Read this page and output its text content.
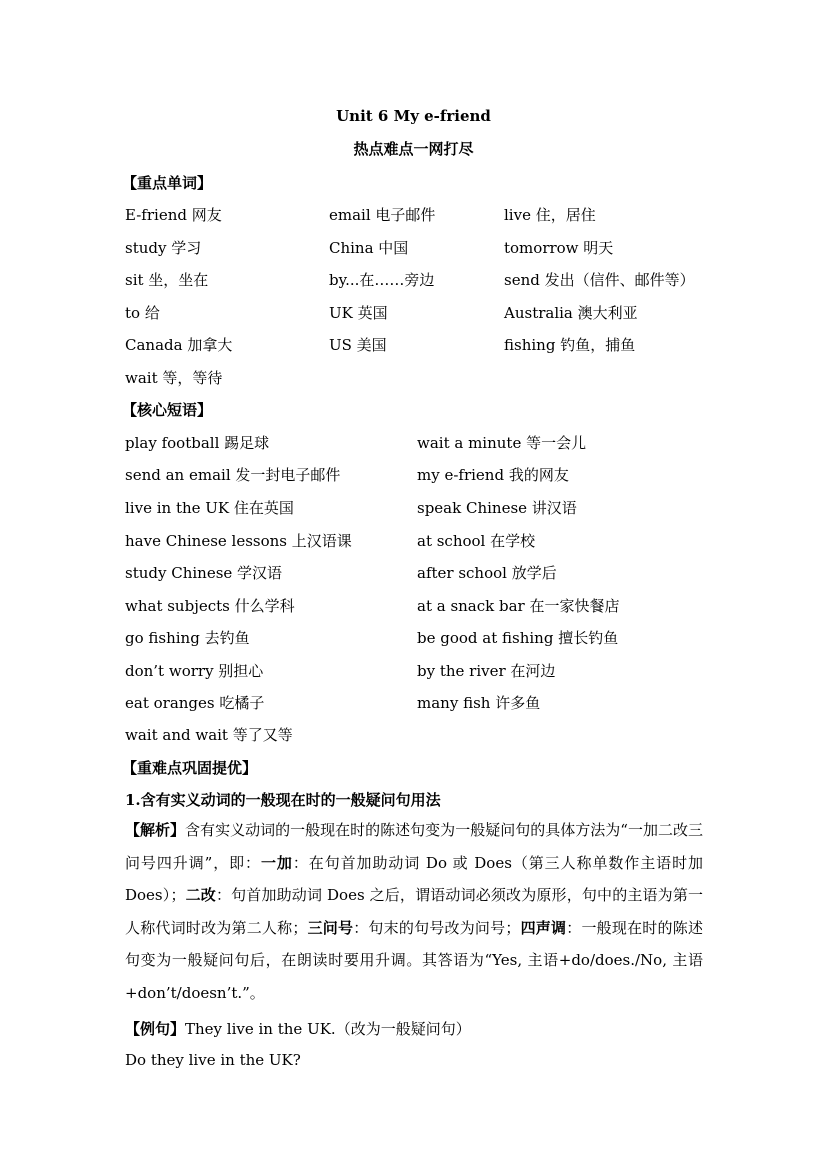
Unit 6 My e-friend
热点难点一网打尽
【重点单词】
E-friend 网友	email 电子邮件	live 住，居住
study 学习	China 中国	tomorrow 明天
sit 坐，坐在	by...在……旁边	send 发出（信件、邮件等）
to 给	UK 英国	Australia 澳大利亚
Canada 加拿大	US 美国	fishing 钓鱼，捕鱼
wait 等，等待
【核心短语】
play football 踢足球	wait a minute 等一会儿
send an email 发一封电子邮件	my e-friend 我的网友
live in the UK 住在英国	speak Chinese 讲汉语
have Chinese lessons 上汉语课	at school 在学校
study Chinese 学汉语	after school 放学后
what subjects 什么学科	at a snack bar 在一家快餐店
go fishing 去钓鱼	be good at fishing 擅长钓鱼
don’t worry 别担心	by the river 在河边
eat oranges 吃橘子	many fish 许多鱼
wait and wait 等了又等
【重难点巩固提优】
1.含有实义动词的一般现在时的一般疑问句用法
【解析】含有实义动词的一般现在时的陈述句变为一般疑问句的具体方法为“一加二改三问号四升调”，即：一加：在句首加助动词 Do 或 Does（第三人称单数作主语时加 Does）；二改：句首加助动词 Does 之后，谓语动词必须改为原形，句中的主语为第一人称代词时改为第二人称；三问号：句末的句号改为问号；四声调：一般现在时的陈述句变为一般疑问句后，在朗读时要用升调。其答语为“Yes, 主语+do/does./No, 主语+don’t/doesn’t.”。
【例句】They live in the UK.（改为一般疑问句）
Do they live in the UK?
